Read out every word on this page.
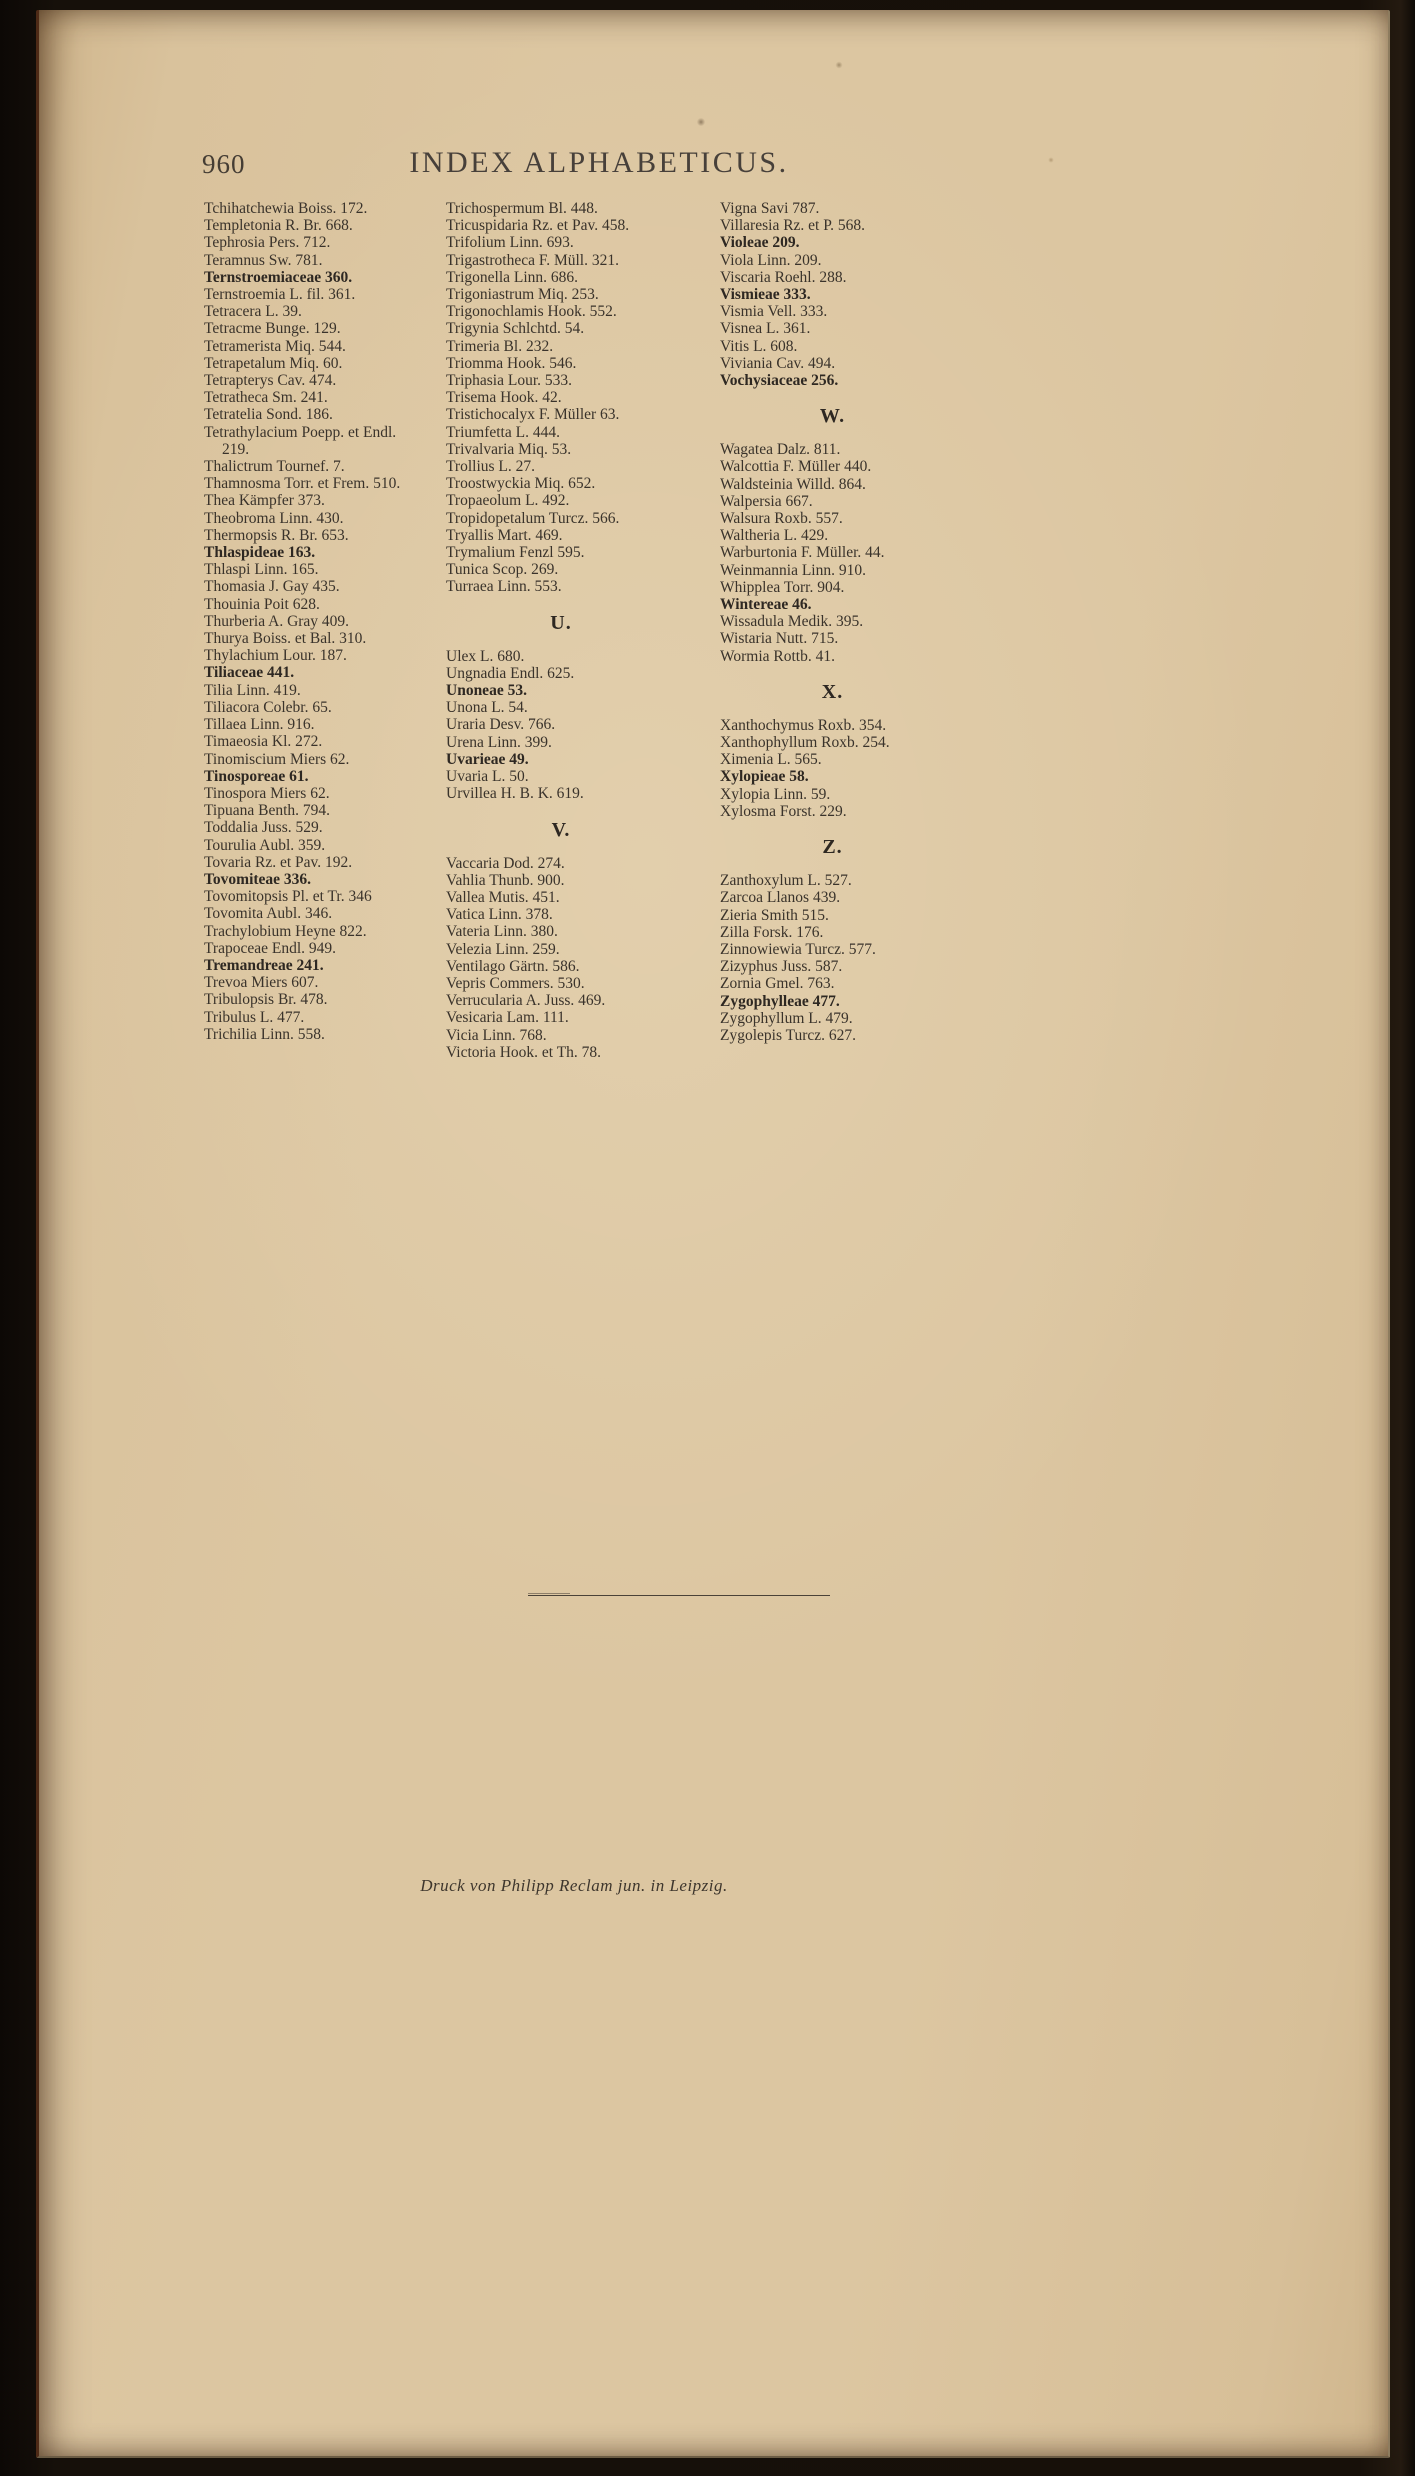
960	INDEX ALPHABETICUS.
Tchihatchewia Boiss. 172.
Templetonia R. Br. 668.
Tephrosia Pers. 712.
Teramnus Sw. 781.
Ternstroemiaceae 360.
Ternstroemia L. fil. 361.
Tetracera L. 39.
Tetracme Bunge. 129.
Tetramerista Miq. 544.
Tetrapetalum Miq. 60.
Tetrapterys Cav. 474.
Tetratheca Sm. 241.
Tetratelia Sond. 186.
Tetrathylacium Poepp. et Endl. 219.
Thalictrum Tournef. 7.
Thamnosma Torr. et Frem. 510.
Thea Kämpfer 373.
Theobroma Linn. 430.
Thermopsis R. Br. 653.
Thlaspideae 163.
Thlaspi Linn. 165.
Thomasia J. Gay 435.
Thouinia Poit 628.
Thurberia A. Gray 409.
Thurya Boiss. et Bal. 310.
Thylachium Lour. 187.
Tiliaceae 441.
Tilia Linn. 419.
Tiliacora Colebr. 65.
Tillaea Linn. 916.
Timaeosia Kl. 272.
Tinomiscium Miers 62.
Tinosporeae 61.
Tinospora Miers 62.
Tipuana Benth. 794.
Toddalia Juss. 529.
Tourulia Aubl. 359.
Tovaria Rz. et Pav. 192.
Tovomiteae 336.
Tovomitopsis Pl. et Tr. 346
Tovomita Aubl. 346.
Trachylobium Heyne 822.
Trapoceae Endl. 949.
Tremandreae 241.
Trevoa Miers 607.
Tribulopsis Br. 478.
Tribulus L. 477.
Trichilia Linn. 558.
Trichospermum Bl. 448.
Tricuspidaria Rz. et Pav. 458.
Trifolium Linn. 693.
Trigastrotheca F. Müll. 321.
Trigonella Linn. 686.
Trigoniastrum Miq. 253.
Trigonochlamis Hook. 552.
Trigynia Schlchtd. 54.
Trimeria Bl. 232.
Triomma Hook. 546.
Triphasia Lour. 533.
Trisema Hook. 42.
Tristichocalyx F. Müller 63.
Triumfetta L. 444.
Trivalvaria Miq. 53.
Trollius L. 27.
Troostwyckia Miq. 652.
Tropaeolum L. 492.
Tropidopetalum Turcz. 566.
Tryallis Mart. 469.
Trymalium Fenzl 595.
Tunica Scop. 269.
Turraea Linn. 553.
U.
Ulex L. 680.
Ungnadia Endl. 625.
Unoneae 53.
Unona L. 54.
Uraria Desv. 766.
Urena Linn. 399.
Uvarieae 49.
Uvaria L. 50.
Urvillea H. B. K. 619.
V.
Vaccaria Dod. 274.
Vahlia Thunb. 900.
Vallea Mutis. 451.
Vatica Linn. 378.
Vateria Linn. 380.
Velezia Linn. 259.
Ventilago Gärtn. 586.
Vepris Commers. 530.
Verrucularia A. Juss. 469.
Vesicaria Lam. 111.
Vicia Linn. 768.
Victoria Hook. et Th. 78.
Vigna Savi 787.
Villaresia Rz. et P. 568.
Violeae 209.
Viola Linn. 209.
Viscaria Roehl. 288.
Vismieae 333.
Vismia Vell. 333.
Visnea L. 361.
Vitis L. 608.
Viviania Cav. 494.
Vochysiaceae 256.
W.
Wagatea Dalz. 811.
Walcottia F. Müller 440.
Waldsteinia Willd. 864.
Walpersia 667.
Walsura Roxb. 557.
Waltheria L. 429.
Warburtonia F. Müller. 44.
Weinmannia Linn. 910.
Whipplea Torr. 904.
Wintereae 46.
Wissadula Medik. 395.
Wistaria Nutt. 715.
Wormia Rottb. 41.
X.
Xanthochymus Roxb. 354.
Xanthophyllum Roxb. 254.
Ximenia L. 565.
Xylopieae 58.
Xylopia Linn. 59.
Xylosma Forst. 229.
Z.
Zanthoxylum L. 527.
Zarcoa Llanos 439.
Zieria Smith 515.
Zilla Forsk. 176.
Zinnowiewia Turcz. 577.
Zizyphus Juss. 587.
Zornia Gmel. 763.
Zygophylleae 477.
Zygophyllum L. 479.
Zygolepis Turcz. 627.
Druck von Philipp Reclam jun. in Leipzig.
